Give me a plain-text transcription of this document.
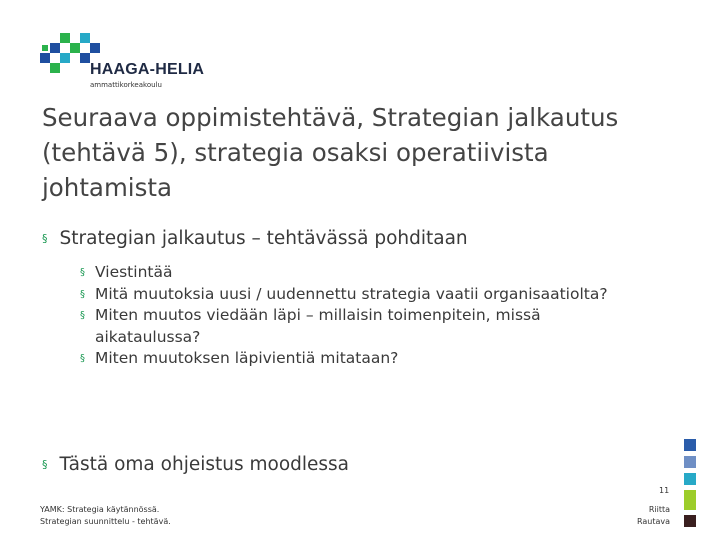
HAAGA-HELIA
ammattikorkeakoulu
Seuraava oppimistehtävä, Strategian jalkautus (tehtävä 5), strategia osaksi operatiivista johtamista
§ Strategian jalkautus – tehtävässä pohditaan
§ Viestintää
§ Mitä muutoksia uusi / uudennettu strategia vaatii organisaatiolta?
§ Miten muutos viedään läpi – millaisin toimenpitein, missä aikataulussa?
§ Miten muutoksen läpivientiä mitataan?
§ Tästä oma ohjeistus moodlessa
11
YAMK: Strategia käytännössä.
Strategian suunnittelu - tehtävä.
Riitta
Rautava
